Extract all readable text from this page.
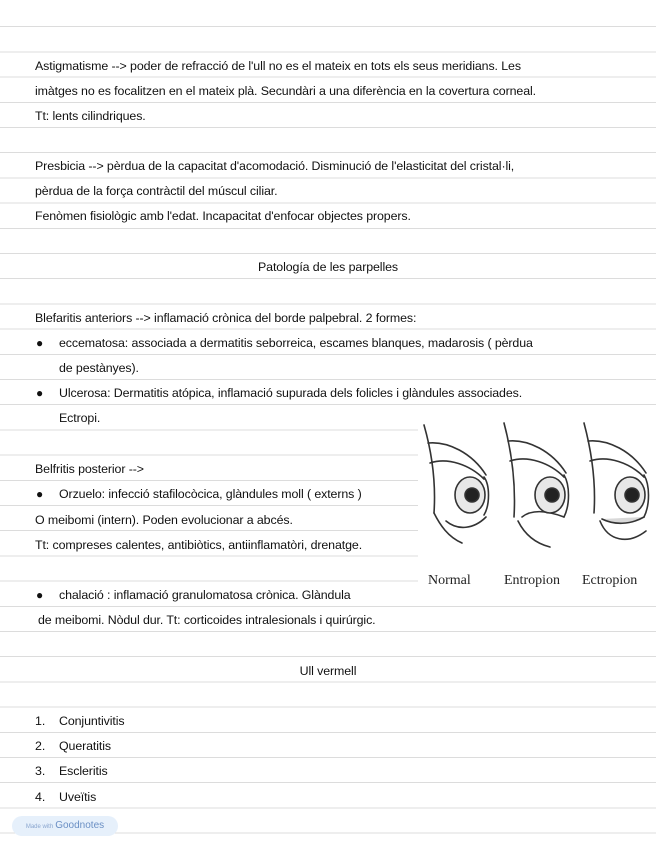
Astigmatisme --> poder de refracció de l'ull no es el mateix en tots els seus meridians. Les
imàtges no es focalitzen en el mateix plà. Secundàri a una diferència en la covertura corneal.
Tt: lents cilindriques.
Presbicia --> pèrdua de la capacitat d'acomodació. Disminució de l'elasticitat del cristal·li,
pèrdua de la força contràctil del múscul ciliar.
Fenòmen fisiològic amb l'edat. Incapacitat d'enfocar objectes propers.
Patología de les parpelles
Blefaritis anteriors --> inflamació crònica del borde palpebral. 2 formes:
● eccematosa: associada a dermatitis seborreica, escames blanques, madarosis ( pèrdua
de pestànyes).
● Ulcerosa: Dermatitis atópica, inflamació supurada dels folicles i glàndules associades.
Ectropi.
Belfritis posterior -->
● Orzuelo: infecció stafilocòcica, glàndules moll ( externs )
O meibomi (intern). Poden evolucionar a abcés.
Tt: compreses calentes, antibiòtics, antiinflamatòri, drenatge.
● chalació : inflamació granulomatosa crònica. Glàndula
de meibomi. Nòdul dur. Tt: corticoides intralesionals i quirúrgic.
Ull vermell
1. Conjuntivitis
2. Queratitis
3. Escleritis
4. Uveïtis
Normal Entropion Ectropion
Made with Goodnotes
